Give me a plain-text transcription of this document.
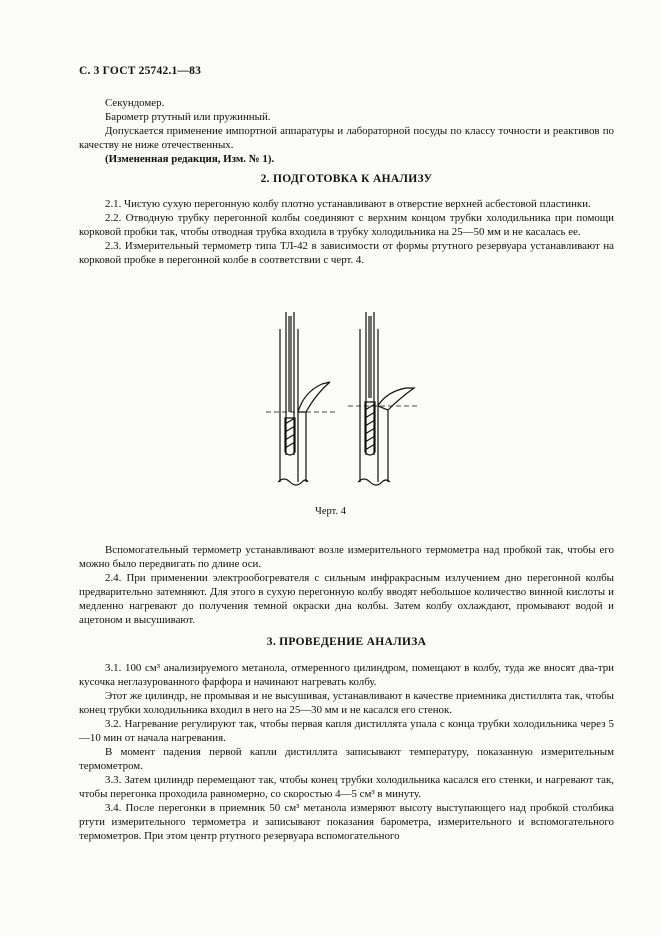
С. 3 ГОСТ 25742.1—83

Секундомер.

Барометр ртутный или пружинный.

Допускается применение импортной аппаратуры и лабораторной посуды по классу точности и реактивов по качеству не ниже отечественных.

(Измененная редакция, Изм. № 1).

2. ПОДГОТОВКА К АНАЛИЗУ

2.1. Чистую сухую перегонную колбу плотно устанавливают в отверстие верхней асбестовой пластинки.

2.2. Отводную трубку перегонной колбы соединяют с верхним концом трубки холодильника при помощи корковой пробки так, чтобы отводная трубка входила в трубку холодильника на 25—50 мм и не касалась ее.

2.3. Измерительный термометр типа ТЛ-42 в зависимости от формы ртутного резервуара устанавливают на корковой пробке в перегонной колбе в соответствии с черт. 4.

Черт. 4

Вспомогательный термометр устанавливают возле измерительного термометра над пробкой так, чтобы его можно было передвигать по длине оси.

2.4. При применении электрообогревателя с сильным инфракрасным излучением дно перегонной колбы предварительно затемняют. Для этого в сухую перегонную колбу вводят небольшое количество винной кислоты и медленно нагревают до получения темной окраски дна колбы. Затем колбу охлаждают, промывают водой и ацетоном и высушивают.

3. ПРОВЕДЕНИЕ АНАЛИЗА

3.1. 100 см³ анализируемого метанола, отмеренного цилиндром, помещают в колбу, туда же вносят два-три кусочка неглазурованного фарфора и начинают нагревать колбу.

Этот же цилиндр, не промывая и не высушивая, устанавливают в качестве приемника дистиллята так, чтобы конец трубки холодильника входил в него на 25—30 мм и не касался его стенок.

3.2. Нагревание регулируют так, чтобы первая капля дистиллята упала с конца трубки холодильника через 5—10 мин от начала нагревания.

В момент падения первой капли дистиллята записывают температуру, показанную измерительным термометром.

3.3. Затем цилиндр перемещают так, чтобы конец трубки холодильника касался его стенки, и нагревают так, чтобы перегонка проходила равномерно, со скоростью 4—5 см³ в минуту.

3.4. После перегонки в приемник 50 см³ метанола измеряют высоту выступающего над пробкой столбика ртути измерительного термометра и записывают показания барометра, измерительного и вспомогательного термометров. При этом центр ртутного резервуара вспомогательного
